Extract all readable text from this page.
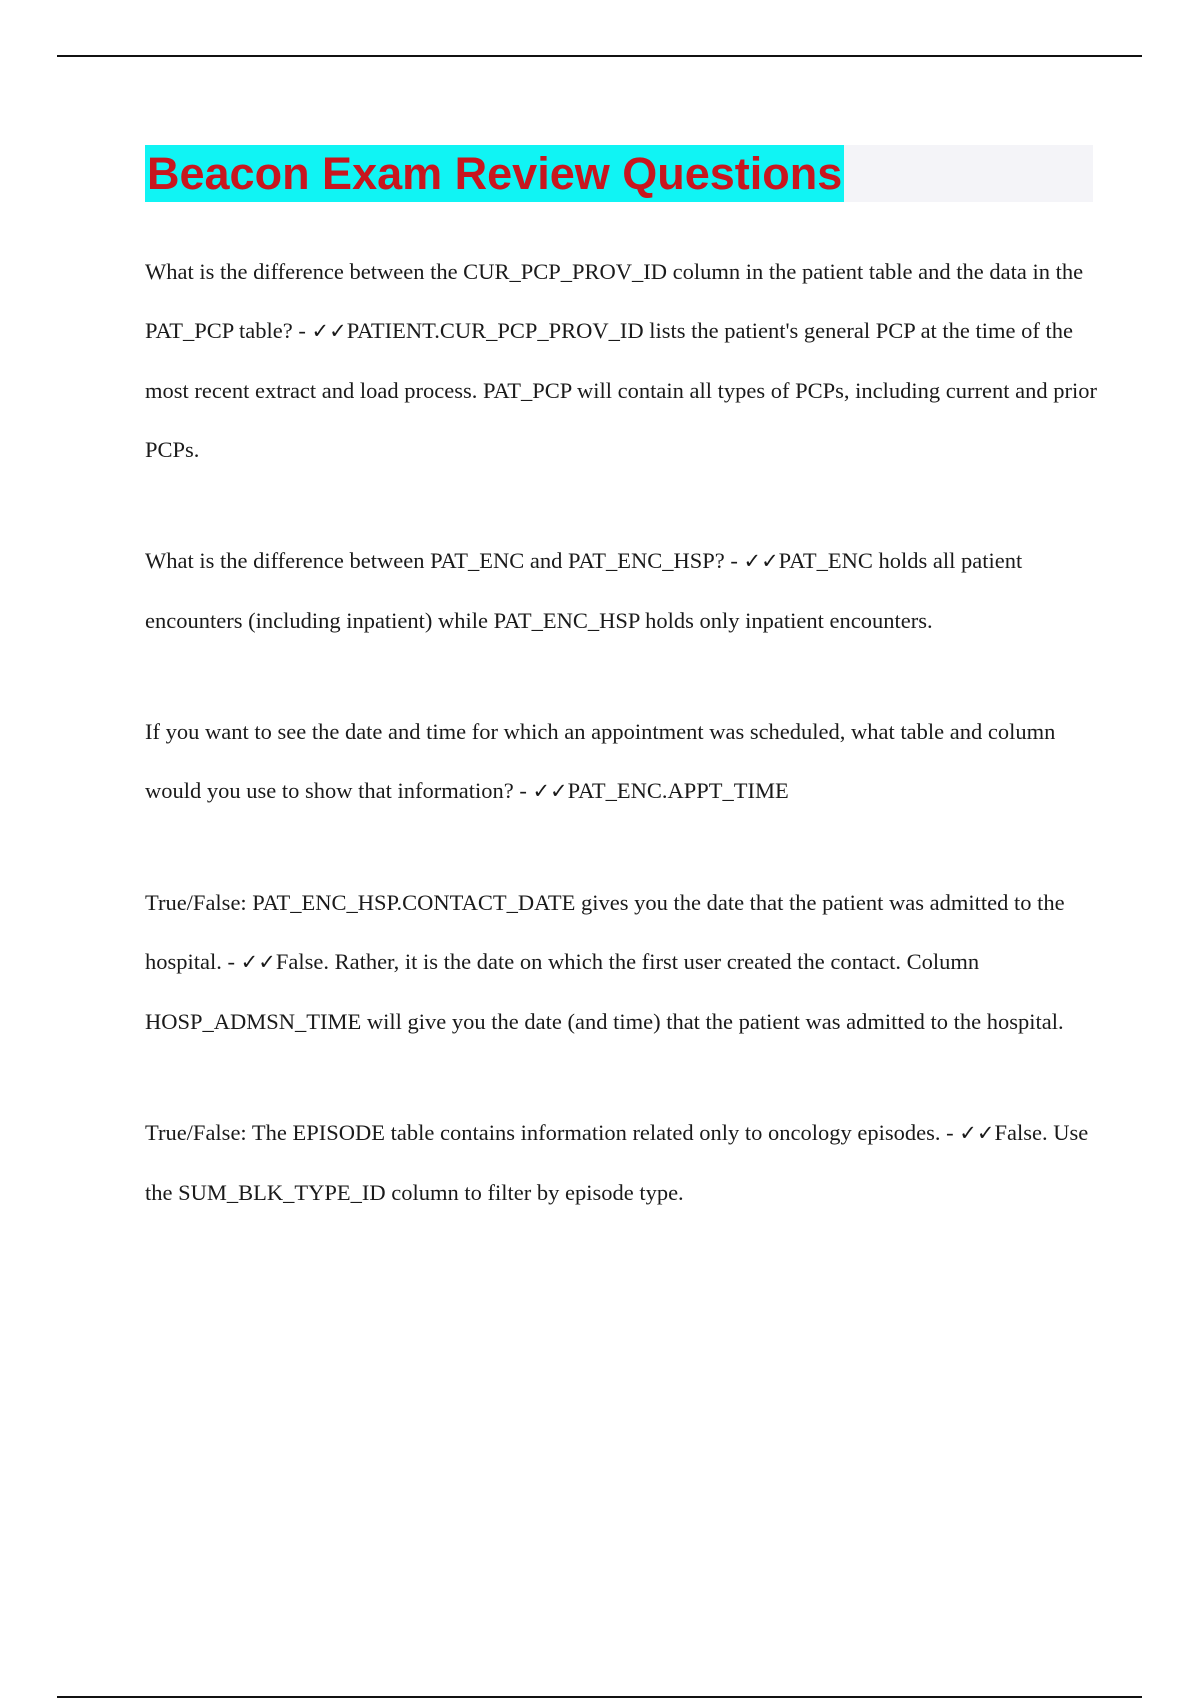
Beacon Exam Review Questions

What is the difference between the CUR_PCP_PROV_ID column in the patient table and the data in the PAT_PCP table? - ✓✓PATIENT.CUR_PCP_PROV_ID lists the patient's general PCP at the time of the most recent extract and load process. PAT_PCP will contain all types of PCPs, including current and prior PCPs.

What is the difference between PAT_ENC and PAT_ENC_HSP? - ✓✓PAT_ENC holds all patient encounters (including inpatient) while PAT_ENC_HSP holds only inpatient encounters.

If you want to see the date and time for which an appointment was scheduled, what table and column would you use to show that information? - ✓✓PAT_ENC.APPT_TIME

True/False: PAT_ENC_HSP.CONTACT_DATE gives you the date that the patient was admitted to the hospital. - ✓✓False. Rather, it is the date on which the first user created the contact. Column HOSP_ADMSN_TIME will give you the date (and time) that the patient was admitted to the hospital.

True/False: The EPISODE table contains information related only to oncology episodes. - ✓✓False. Use the SUM_BLK_TYPE_ID column to filter by episode type.
